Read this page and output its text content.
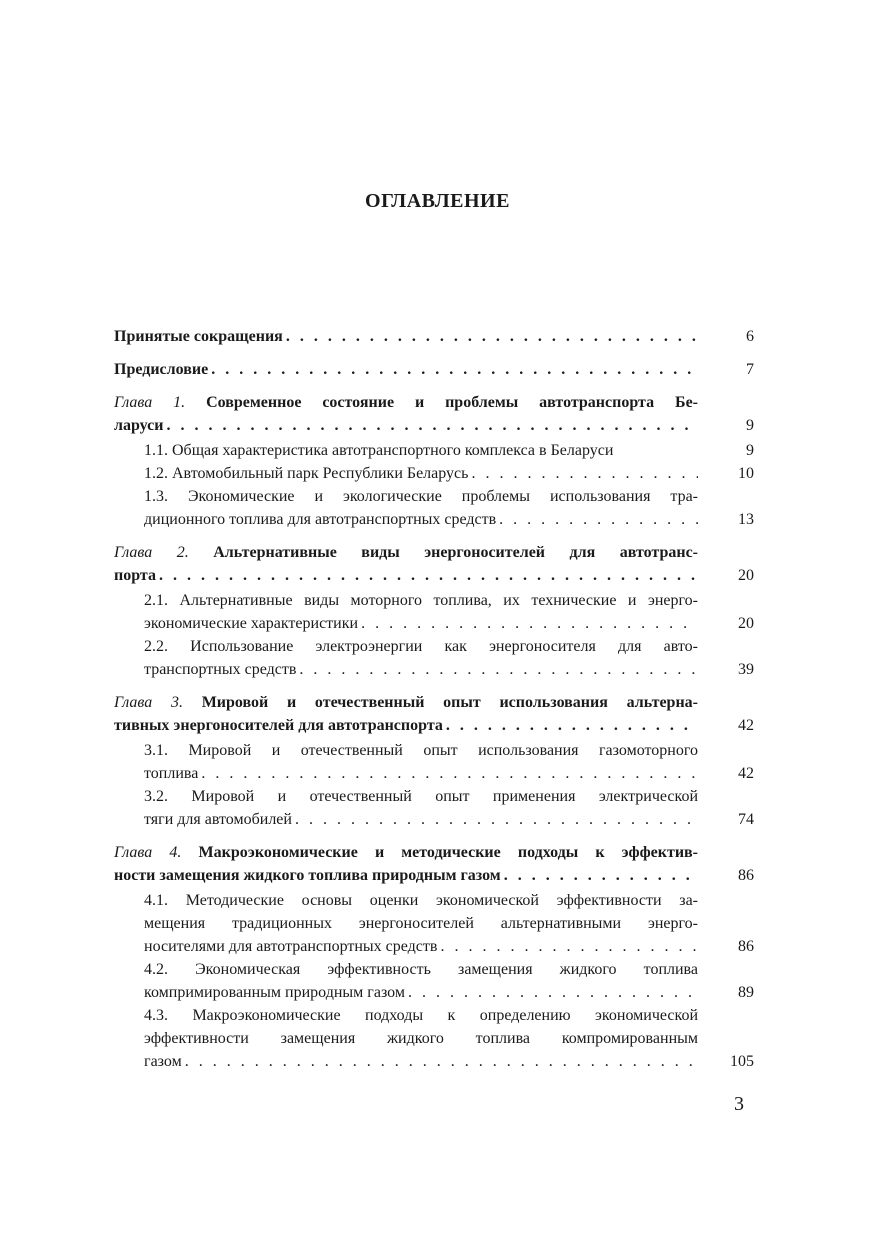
ОГЛАВЛЕНИЕ
Принятые сокращения . . .	6
Предисловие . . .	7
Глава 1. Современное состояние и проблемы автотранспорта Бе-
ларуси . . .	9
1.1. Общая характеристика автотранспортного комплекса в Беларуси	9
1.2. Автомобильный парк Республики Беларусь . . .	10
1.3. Экономические и экологические проблемы использования тра-
диционного топлива для автотранспортных средств . . .	13
Глава 2. Альтернативные виды энергоносителей для автотранс-
порта . . .	20
2.1. Альтернативные виды моторного топлива, их технические и энерго-
экономические характеристики . . .	20
2.2. Использование электроэнергии как энергоносителя для авто-
транспортных средств . . .	39
Глава 3. Мировой и отечественный опыт использования альтерна-
тивных энергоносителей для автотранспорта . . .	42
3.1. Мировой и отечественный опыт использования газомоторного
топлива . . .	42
3.2. Мировой и отечественный опыт применения электрической
тяги для автомобилей . . .	74
Глава 4. Макроэкономические и методические подходы к эффектив-
ности замещения жидкого топлива природным газом . . .	86
4.1. Методические основы оценки экономической эффективности за-
мещения традиционных энергоносителей альтернативными энерго-
носителями для автотранспортных средств . . .	86
4.2. Экономическая эффективность замещения жидкого топлива
компримированным природным газом . . .	89
4.3. Макроэкономические подходы к определению экономической
эффективности замещения жидкого топлива компромированным
газом . . .	105
3
